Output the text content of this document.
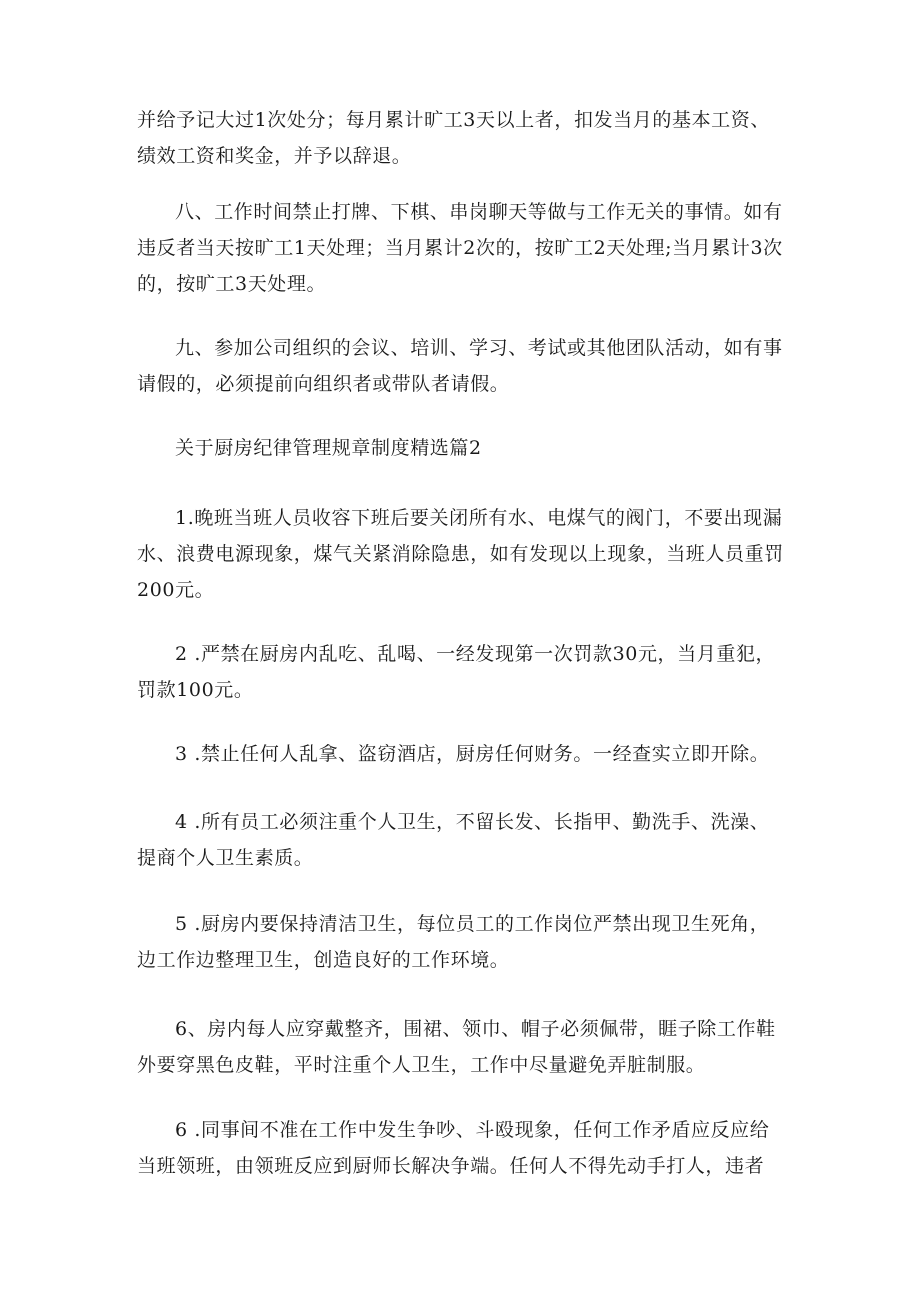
并给予记大过1次处分；每月累计旷工3天以上者，扣发当月的基本工资、绩效工资和奖金，并予以辞退。

八、工作时间禁止打牌、下棋、串岗聊天等做与工作无关的事情。如有违反者当天按旷工1天处理；当月累计2次的，按旷工2天处理;当月累计3次的，按旷工3天处理。

九、参加公司组织的会议、培训、学习、考试或其他团队活动，如有事请假的，必须提前向组织者或带队者请假。

关于厨房纪律管理规章制度精选篇2

1.晚班当班人员收容下班后要关闭所有水、电煤气的阀门，不要出现漏水、浪费电源现象，煤气关紧消除隐患，如有发现以上现象，当班人员重罚200元。

2 .严禁在厨房内乱吃、乱喝、一经发现第一次罚款30元，当月重犯，罚款100元。

3 .禁止任何人乱拿、盗窃酒店，厨房任何财务。一经查实立即开除。

4 .所有员工必须注重个人卫生，不留长发、长指甲、勤洗手、洗澡、提商个人卫生素质。

5 .厨房内要保持清洁卫生，每位员工的工作岗位严禁出现卫生死角，边工作边整理卫生，创造良好的工作环境。

6、房内每人应穿戴整齐，围裙、领巾、帽子必须佩带，睚子除工作鞋外要穿黑色皮鞋，平时注重个人卫生，工作中尽量避免弄脏制服。

6 .同事间不准在工作中发生争吵、斗殴现象，任何工作矛盾应反应给当班领班，由领班反应到厨师长解决争端。任何人不得先动手打人，违者
